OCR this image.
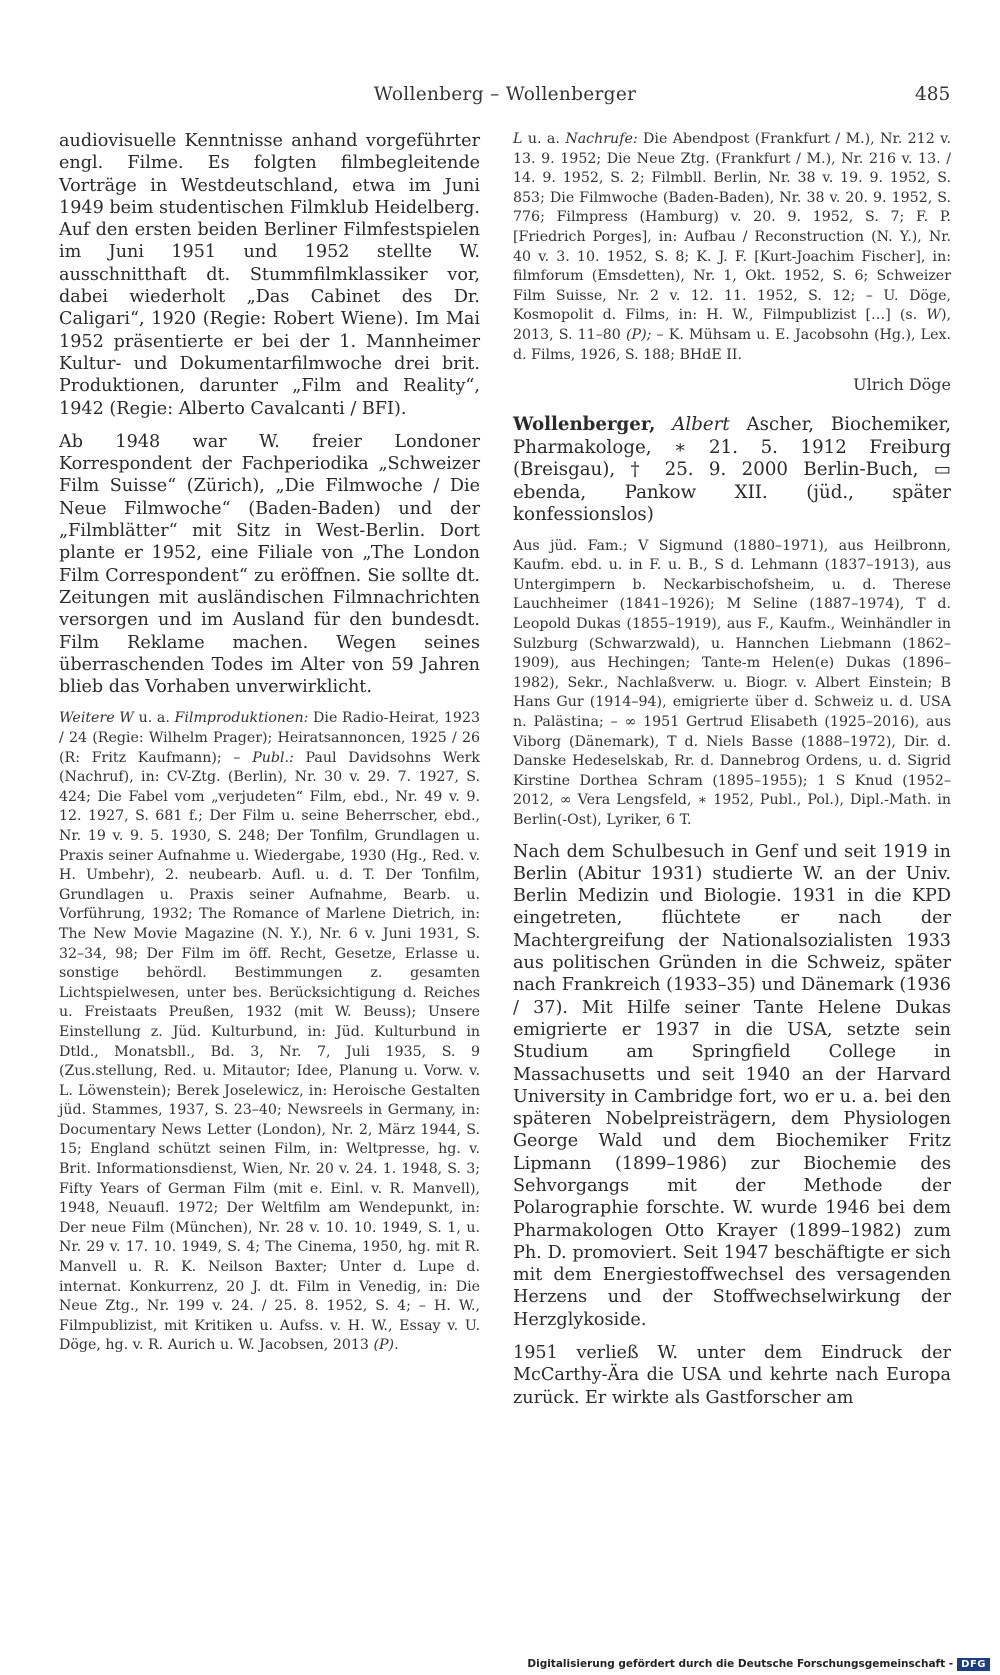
Wollenberg – Wollenberger	485

audiovisuelle Kenntnisse anhand vorgeführter engl. Filme. Es folgten filmbegleitende Vorträge in Westdeutschland, etwa im Juni 1949 beim studentischen Filmklub Heidelberg. Auf den ersten beiden Berliner Filmfestspielen im Juni 1951 und 1952 stellte W. ausschnitthaft dt. Stummfilmklassiker vor, dabei wiederholt „Das Cabinet des Dr. Caligari“, 1920 (Regie: Robert Wiene). Im Mai 1952 präsentierte er bei der 1. Mannheimer Kultur- und Dokumentarfilmwoche drei brit. Produktionen, darunter „Film and Reality“, 1942 (Regie: Alberto Cavalcanti / BFI).

Ab 1948 war W. freier Londoner Korrespondent der Fachperiodika „Schweizer Film Suisse“ (Zürich), „Die Filmwoche / Die Neue Filmwoche“ (Baden-Baden) und der „Filmblätter“ mit Sitz in West-Berlin. Dort plante er 1952, eine Filiale von „The London Film Correspondent“ zu eröffnen. Sie sollte dt. Zeitungen mit ausländischen Filmnachrichten versorgen und im Ausland für den bundesdt. Film Reklame machen. Wegen seines überraschenden Todes im Alter von 59 Jahren blieb das Vorhaben unverwirklicht.

Weitere W u. a. Filmproduktionen: Die Radio-Heirat, 1923 / 24 (Regie: Wilhelm Prager); Heiratsannoncen, 1925 / 26 (R: Fritz Kaufmann); – Publ.: Paul Davidsohns Werk (Nachruf), in: CV-Ztg. (Berlin), Nr. 30 v. 29. 7. 1927, S. 424; Die Fabel vom „verjudeten“ Film, ebd., Nr. 49 v. 9. 12. 1927, S. 681 f.; Der Film u. seine Beherrscher, ebd., Nr. 19 v. 9. 5. 1930, S. 248; Der Tonfilm, Grundlagen u. Praxis seiner Aufnahme u. Wiedergabe, 1930 (Hg., Red. v. H. Umbehr), 2. neubearb. Aufl. u. d. T. Der Tonfilm, Grundlagen u. Praxis seiner Aufnahme, Bearb. u. Vorführung, 1932; The Romance of Marlene Dietrich, in: The New Movie Magazine (N. Y.), Nr. 6 v. Juni 1931, S. 32–34, 98; Der Film im öff. Recht, Gesetze, Erlasse u. sonstige behördl. Bestimmungen z. gesamten Lichtspielwesen, unter bes. Berücksichtigung d. Reiches u. Freistaats Preußen, 1932 (mit W. Beuss); Unsere Einstellung z. Jüd. Kulturbund, in: Jüd. Kulturbund in Dtld., Monatsbll., Bd. 3, Nr. 7, Juli 1935, S. 9 (Zus.stellung, Red. u. Mitautor; Idee, Planung u. Vorw. v. L. Löwenstein); Berek Joselewicz, in: Heroische Gestalten jüd. Stammes, 1937, S. 23–40; Newsreels in Germany, in: Documentary News Letter (London), Nr. 2, März 1944, S. 15; England schützt seinen Film, in: Weltpresse, hg. v. Brit. Informationsdienst, Wien, Nr. 20 v. 24. 1. 1948, S. 3; Fifty Years of German Film (mit e. Einl. v. R. Manvell), 1948, Neuaufl. 1972; Der Weltfilm am Wendepunkt, in: Der neue Film (München), Nr. 28 v. 10. 10. 1949, S. 1, u. Nr. 29 v. 17. 10. 1949, S. 4; The Cinema, 1950, hg. mit R. Manvell u. R. K. Neilson Baxter; Unter d. Lupe d. internat. Konkurrenz, 20 J. dt. Film in Venedig, in: Die Neue Ztg., Nr. 199 v. 24. / 25. 8. 1952, S. 4; – H. W., Filmpublizist, mit Kritiken u. Aufss. v. H. W., Essay v. U. Döge, hg. v. R. Aurich u. W. Jacobsen, 2013 (P).

L u. a. Nachrufe: Die Abendpost (Frankfurt / M.), Nr. 212 v. 13. 9. 1952; Die Neue Ztg. (Frankfurt / M.), Nr. 216 v. 13. / 14. 9. 1952, S. 2; Filmbll. Berlin, Nr. 38 v. 19. 9. 1952, S. 853; Die Filmwoche (Baden-Baden), Nr. 38 v. 20. 9. 1952, S. 776; Filmpress (Hamburg) v. 20. 9. 1952, S. 7; F. P. [Friedrich Porges], in: Aufbau / Reconstruction (N. Y.), Nr. 40 v. 3. 10. 1952, S. 8; K. J. F. [Kurt-Joachim Fischer], in: filmforum (Emsdetten), Nr. 1, Okt. 1952, S. 6; Schweizer Film Suisse, Nr. 2 v. 12. 11. 1952, S. 12; – U. Döge, Kosmopolit d. Films, in: H. W., Filmpublizist […] (s. W), 2013, S. 11–80 (P); – K. Mühsam u. E. Jacobsohn (Hg.), Lex. d. Films, 1926, S. 188; BHdE II.

Ulrich Döge

Wollenberger, Albert Ascher, Biochemiker, Pharmakologe, ∗ 21. 5. 1912 Freiburg (Breisgau), † 25. 9. 2000 Berlin-Buch, ▭ ebenda, Pankow XII. (jüd., später konfessionslos)

Aus jüd. Fam.; V Sigmund (1880–1971), aus Heilbronn, Kaufm. ebd. u. in F. u. B., S d. Lehmann (1837–1913), aus Untergimpern b. Neckarbischofsheim, u. d. Therese Lauchheimer (1841–1926); M Seline (1887–1974), T d. Leopold Dukas (1855–1919), aus F., Kaufm., Weinhändler in Sulzburg (Schwarzwald), u. Hannchen Liebmann (1862–1909), aus Hechingen; Tante-m Helen(e) Dukas (1896–1982), Sekr., Nachlaßverw. u. Biogr. v. Albert Einstein; B Hans Gur (1914–94), emigrierte über d. Schweiz u. d. USA n. Palästina; – ∞ 1951 Gertrud Elisabeth (1925–2016), aus Viborg (Dänemark), T d. Niels Basse (1888–1972), Dir. d. Danske Hedeselskab, Rr. d. Dannebrog Ordens, u. d. Sigrid Kirstine Dorthea Schram (1895–1955); 1 S Knud (1952–2012, ∞ Vera Lengsfeld, ∗ 1952, Publ., Pol.), Dipl.-Math. in Berlin(-Ost), Lyriker, 6 T.

Nach dem Schulbesuch in Genf und seit 1919 in Berlin (Abitur 1931) studierte W. an der Univ. Berlin Medizin und Biologie. 1931 in die KPD eingetreten, flüchtete er nach der Machtergreifung der Nationalsozialisten 1933 aus politischen Gründen in die Schweiz, später nach Frankreich (1933–35) und Dänemark (1936 / 37). Mit Hilfe seiner Tante Helene Dukas emigrierte er 1937 in die USA, setzte sein Studium am Springfield College in Massachusetts und seit 1940 an der Harvard University in Cambridge fort, wo er u. a. bei den späteren Nobelpreisträgern, dem Physiologen George Wald und dem Biochemiker Fritz Lipmann (1899–1986) zur Biochemie des Sehvorgangs mit der Methode der Polarographie forschte. W. wurde 1946 bei dem Pharmakologen Otto Krayer (1899–1982) zum Ph. D. promoviert. Seit 1947 beschäftigte er sich mit dem Energiestoffwechsel des versagenden Herzens und der Stoffwechselwirkung der Herzglykoside.

1951 verließ W. unter dem Eindruck der McCarthy-Ära die USA und kehrte nach Europa zurück. Er wirkte als Gastforscher am

Digitalisierung gefördert durch die Deutsche Forschungsgemeinschaft - DFG
